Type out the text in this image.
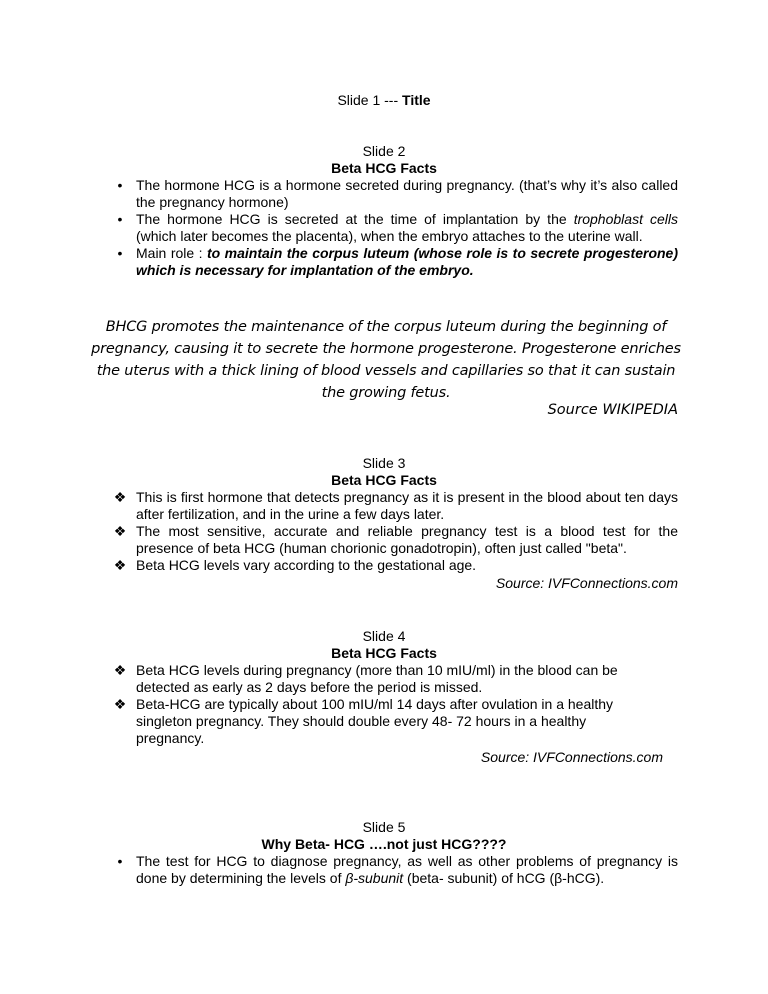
Slide 1 --- Title
Slide 2
Beta HCG Facts
• The hormone HCG is a hormone secreted during pregnancy. (that’s why it’s also called the pregnancy hormone)
• The hormone HCG is secreted at the time of implantation by the trophoblast cells (which later becomes the placenta), when the embryo attaches to the uterine wall.
• Main role : to maintain the corpus luteum (whose role is to secrete progesterone) which is necessary for implantation of the embryo.
BHCG promotes the maintenance of the corpus luteum during the beginning of pregnancy, causing it to secrete the hormone progesterone. Progesterone enriches the uterus with a thick lining of blood vessels and capillaries so that it can sustain the growing fetus.
Source WIKIPEDIA
Slide 3
Beta HCG Facts
❖ This is first hormone that detects pregnancy as it is present in the blood about ten days after fertilization, and in the urine a few days later.
❖ The most sensitive, accurate and reliable pregnancy test is a blood test for the presence of beta HCG (human chorionic gonadotropin), often just called "beta".
❖ Beta HCG levels vary according to the gestational age.
Source: IVFConnections.com
Slide 4
Beta HCG Facts
❖ Beta HCG levels during pregnancy (more than 10 mIU/ml) in the blood can be detected as early as 2 days before the period is missed.
❖ Beta-HCG are typically about 100 mIU/ml 14 days after ovulation in a healthy singleton pregnancy. They should double every 48- 72 hours in a healthy pregnancy.
Source: IVFConnections.com
Slide 5
Why Beta- HCG ….not just HCG????
• The test for HCG to diagnose pregnancy, as well as other problems of pregnancy is done by determining the levels of β-subunit (beta- subunit) of hCG (β-hCG).
